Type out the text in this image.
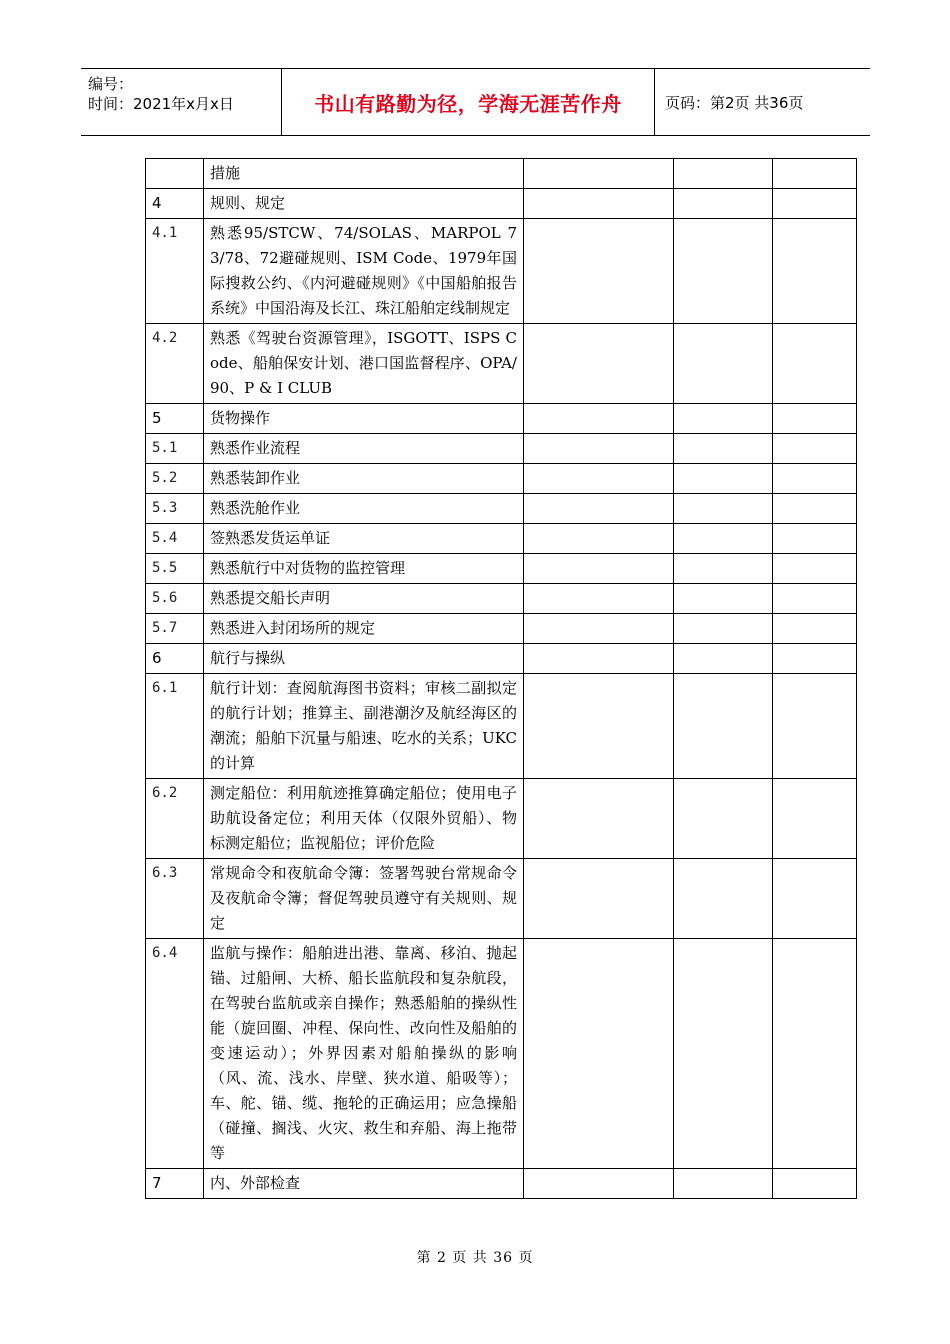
编号：
时间：2021年x月x日	书山有路勤为径，学海无涯苦作舟	页码：第2页 共36页
	措施			
4	规则、规定			
4.1	熟悉95/STCW、74/SOLAS、MARPOL 73/78、72避碰规则、ISM Code、1979年国际搜救公约、《内河避碰规则》《中国船舶报告系统》中国沿海及长江、珠江船舶定线制规定			
4.2	熟悉《驾驶台资源管理》，ISGOTT、ISPS Code、船舶保安计划、港口国监督程序、OPA/90、P & I CLUB			
5	货物操作			
5.1	熟悉作业流程			
5.2	熟悉装卸作业			
5.3	熟悉洗舱作业			
5.4	签熟悉发货运单证			
5.5	熟悉航行中对货物的监控管理			
5.6	熟悉提交船长声明			
5.7	熟悉进入封闭场所的规定			
6	航行与操纵			
6.1	航行计划：查阅航海图书资料；审核二副拟定的航行计划；推算主、副港潮汐及航经海区的潮流；船舶下沉量与船速、吃水的关系；UKC的计算			
6.2	测定船位：利用航迹推算确定船位；使用电子助航设备定位；利用天体（仅限外贸船）、物标测定船位；监视船位；评价危险			
6.3	常规命令和夜航命令簿：签署驾驶台常规命令及夜航命令簿；督促驾驶员遵守有关规则、规定			
6.4	监航与操作：船舶进出港、靠离、移泊、抛起锚、过船闸、大桥、船长监航段和复杂航段，在驾驶台监航或亲自操作；熟悉船舶的操纵性能（旋回圈、冲程、保向性、改向性及船舶的变速运动）；外界因素对船舶操纵的影响（风、流、浅水、岸壁、狭水道、船吸等）；车、舵、锚、缆、拖轮的正确运用；应急操船（碰撞、搁浅、火灾、救生和弃船、海上拖带等			
7	内、外部检查			
第 2 页 共 36 页
